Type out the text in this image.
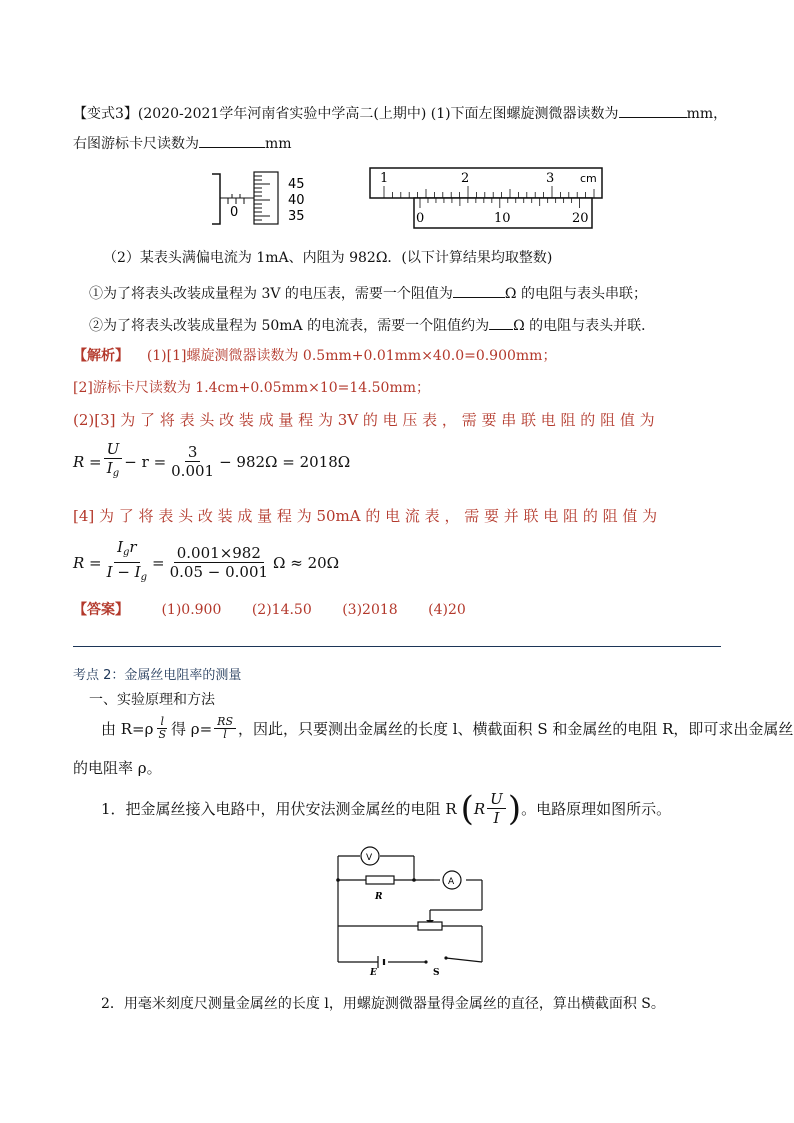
【变式3】(2020-2021学年河南省实验中学高二(上期中) (1)下面左图螺旋测微器读数为	mm，
右图游标卡尺读数为	mm
45
40
35
0
1	2	3 cm
0	10	20
（2）某表头满偏电流为 1mA、内阻为 982Ω．(以下计算结果均取整数)
①为了将表头改装成量程为 3V 的电压表，需要一个阻值为	Ω 的电阻与表头串联；
②为了将表头改装成量程为 50mA 的电流表，需要一个阻值约为 Ω 的电阻与表头并联．
【解析】 (1)[1]螺旋测微器读数为 0.5mm+0.01mm×40.0=0.900mm；
[2]游标卡尺读数为 1.4cm+0.05mm×10=14.50mm；
(2)[3] 为 了 将 表 头 改 装 成 量 程 为 3V 的 电 压 表 ， 需 要 串 联 电 阻 的 阻 值 为
$R = \frac{U}{I_g} - r = \frac{3}{0.001} - 982\Omega = 2018\Omega$
[4] 为 了 将 表 头 改 装 成 量 程 为 50mA 的 电 流 表 ， 需 要 并 联 电 阻 的 阻 值 为
$R = \frac{I_gr}{I - I_g} = \frac{0.001\times 982}{0.05 - 0.001}$ Ω ≈ 20Ω
【答案】 (1)0.900 (2)14.50 (3)2018 (4)20
考点 2：金属丝电阻率的测量
一、实验原理和方法
由 $R=\rho \frac{l}{S}$ 得 $\rho= \frac{RS}{l}$ ，因此，只要测出金属丝的长度 l、横截面积 S 和金属丝的电阻 R，即可求出金属丝
的电阻率 ρ。
1．把金属丝接入电路中，用伏安法测金属丝的电阻 R ( R $\frac{U}{I}$ ) 。电路原理如图所示。
V
A
R
E	S
2．用毫米刻度尺测量金属丝的长度 l，用螺旋测微器量得金属丝的直径，算出横截面积 S。
